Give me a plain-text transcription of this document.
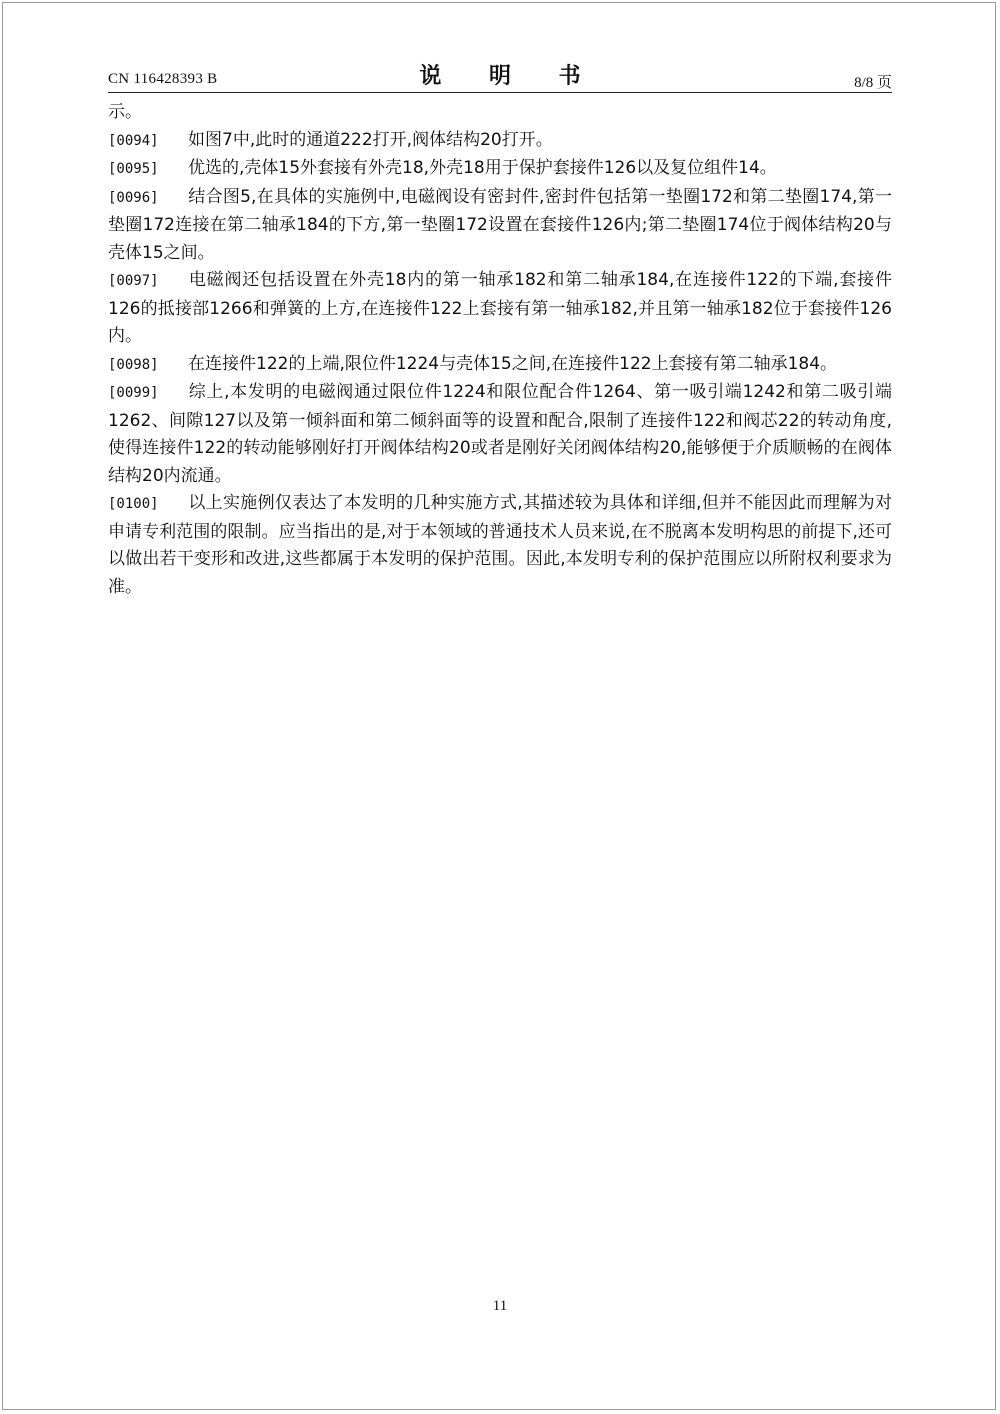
CN 116428393 B	说 明 书	8/8 页
示。

[0094] 如图7中,此时的通道222打开,阀体结构20打开。

[0095] 优选的,壳体15外套接有外壳18,外壳18用于保护套接件126以及复位组件14。

[0096] 结合图5,在具体的实施例中,电磁阀设有密封件,密封件包括第一垫圈172和第二垫圈174,第一垫圈172连接在第二轴承184的下方,第一垫圈172设置在套接件126内;第二垫圈174位于阀体结构20与壳体15之间。

[0097] 电磁阀还包括设置在外壳18内的第一轴承182和第二轴承184,在连接件122的下端,套接件126的抵接部1266和弹簧的上方,在连接件122上套接有第一轴承182,并且第一轴承182位于套接件126内。

[0098] 在连接件122的上端,限位件1224与壳体15之间,在连接件122上套接有第二轴承184。

[0099] 综上,本发明的电磁阀通过限位件1224和限位配合件1264、第一吸引端1242和第二吸引端1262、间隙127以及第一倾斜面和第二倾斜面等的设置和配合,限制了连接件122和阀芯22的转动角度,使得连接件122的转动能够刚好打开阀体结构20或者是刚好关闭阀体结构20,能够便于介质顺畅的在阀体结构20内流通。

[0100] 以上实施例仅表达了本发明的几种实施方式,其描述较为具体和详细,但并不能因此而理解为对申请专利范围的限制。应当指出的是,对于本领域的普通技术人员来说,在不脱离本发明构思的前提下,还可以做出若干变形和改进,这些都属于本发明的保护范围。因此,本发明专利的保护范围应以所附权利要求为准。

11
